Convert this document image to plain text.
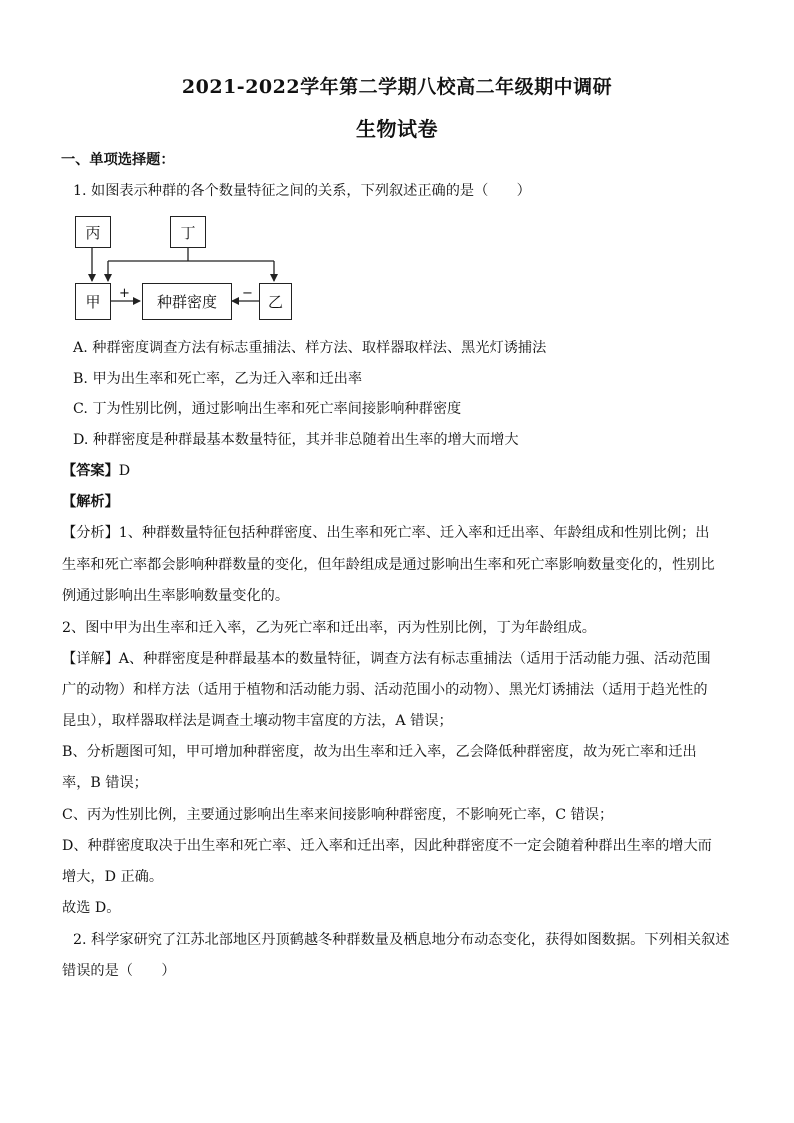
2021-2022学年第二学期八校高二年级期中调研
生物试卷
一、单项选择题：
1. 如图表示种群的各个数量特征之间的关系，下列叙述正确的是（　　）
丙	丁
甲	种群密度	乙
+	−
A. 种群密度调查方法有标志重捕法、样方法、取样器取样法、黑光灯诱捕法
B. 甲为出生率和死亡率，乙为迁入率和迁出率
C. 丁为性别比例，通过影响出生率和死亡率间接影响种群密度
D. 种群密度是种群最基本数量特征，其并非总随着出生率的增大而增大
【答案】D
【解析】
【分析】1、种群数量特征包括种群密度、出生率和死亡率、迁入率和迁出率、年龄组成和性别比例；出
生率和死亡率都会影响种群数量的变化，但年龄组成是通过影响出生率和死亡率影响数量变化的，性别比
例通过影响出生率影响数量变化的。
2、图中甲为出生率和迁入率，乙为死亡率和迁出率，丙为性别比例，丁为年龄组成。
【详解】A、种群密度是种群最基本的数量特征，调查方法有标志重捕法（适用于活动能力强、活动范围
广的动物）和样方法（适用于植物和活动能力弱、活动范围小的动物）、黑光灯诱捕法（适用于趋光性的
昆虫），取样器取样法是调查土壤动物丰富度的方法，A 错误；
B、分析题图可知，甲可增加种群密度，故为出生率和迁入率，乙会降低种群密度，故为死亡率和迁出
率，B 错误；
C、丙为性别比例，主要通过影响出生率来间接影响种群密度，不影响死亡率，C 错误；
D、种群密度取决于出生率和死亡率、迁入率和迁出率，因此种群密度不一定会随着种群出生率的增大而
增大，D 正确。
故选 D。
2. 科学家研究了江苏北部地区丹顶鹤越冬种群数量及栖息地分布动态变化，获得如图数据。下列相关叙述
错误的是（　　）
